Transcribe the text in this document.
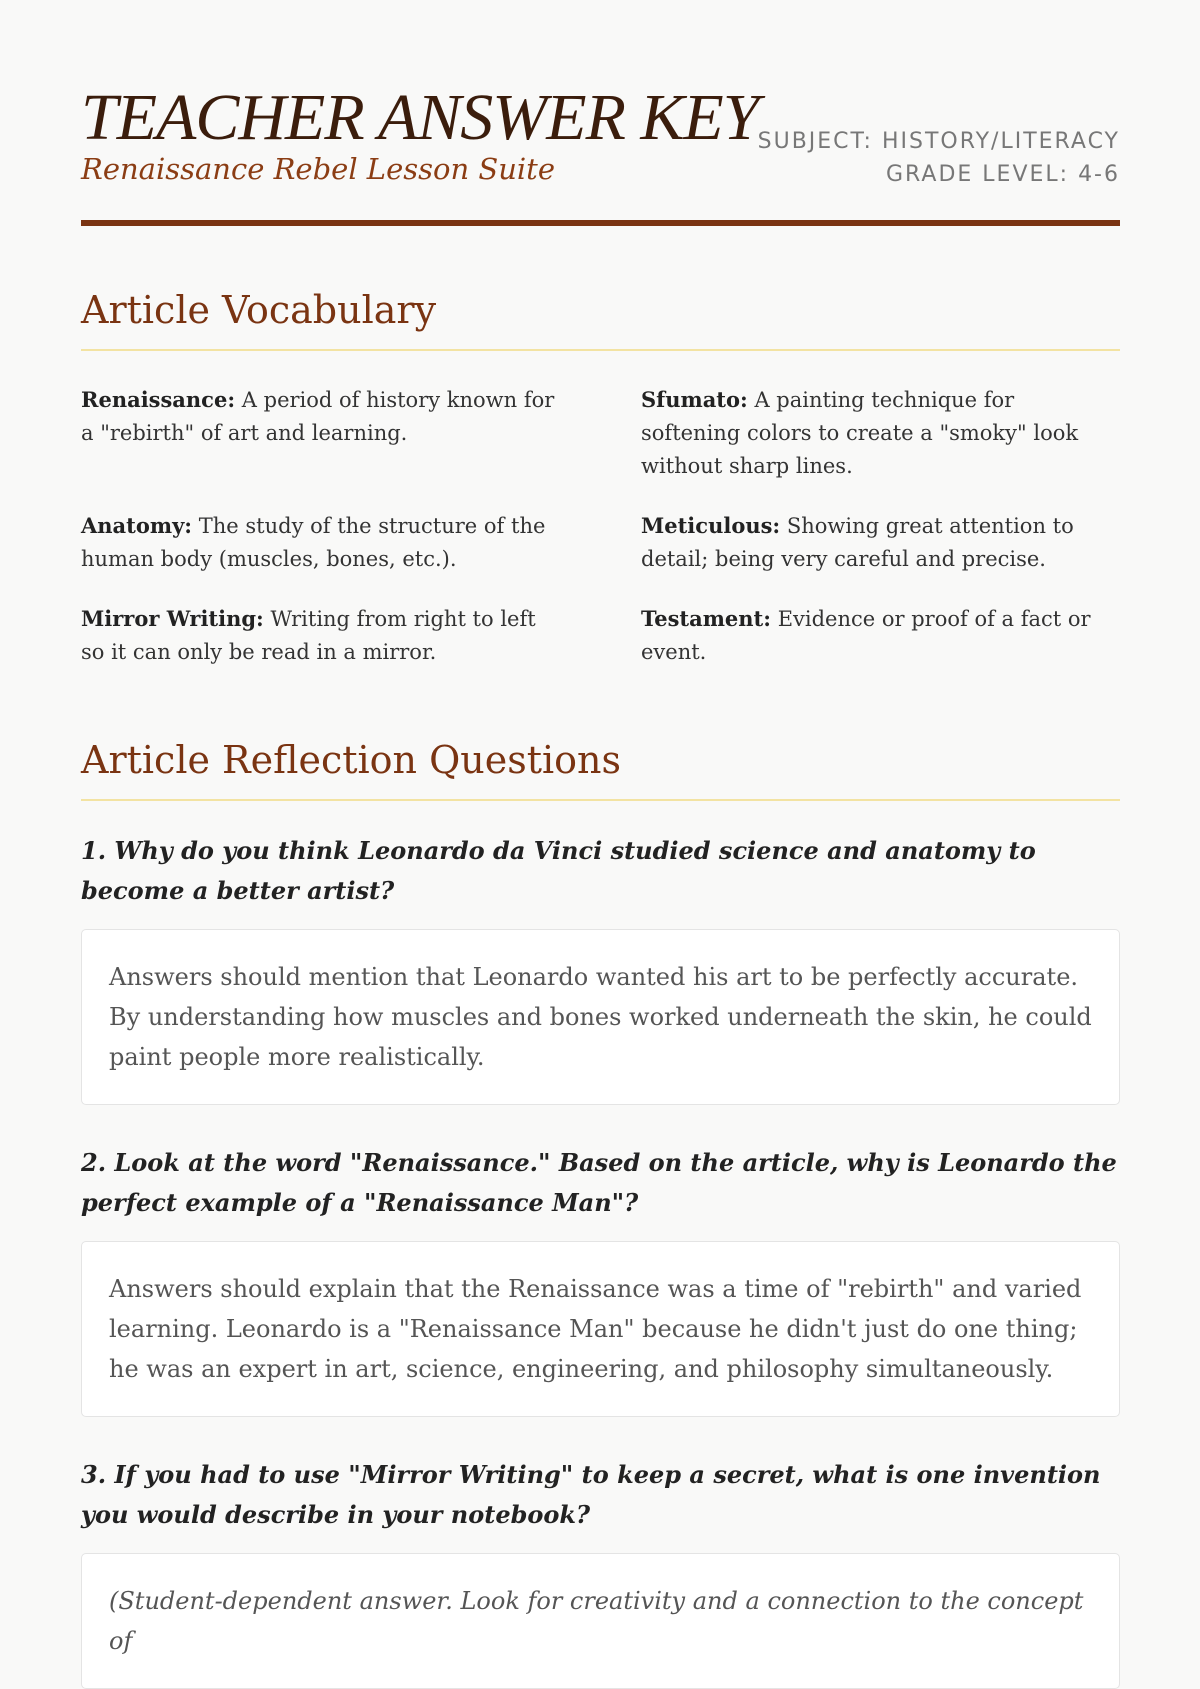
TEACHER ANSWER KEY
Renaissance Rebel Lesson Suite
SUBJECT: HISTORY/LITERACY
GRADE LEVEL: 4-6
Article Vocabulary
Renaissance: A period of history known for a "rebirth" of art and learning.
Sfumato: A painting technique for softening colors to create a "smoky" look without sharp lines.
Anatomy: The study of the structure of the human body (muscles, bones, etc.).
Meticulous: Showing great attention to detail; being very careful and precise.
Mirror Writing: Writing from right to left so it can only be read in a mirror.
Testament: Evidence or proof of a fact or event.
Article Reflection Questions
1. Why do you think Leonardo da Vinci studied science and anatomy to become a better artist?
Answers should mention that Leonardo wanted his art to be perfectly accurate. By understanding how muscles and bones worked underneath the skin, he could paint people more realistically.
2. Look at the word "Renaissance." Based on the article, why is Leonardo the perfect example of a "Renaissance Man"?
Answers should explain that the Renaissance was a time of "rebirth" and varied learning. Leonardo is a "Renaissance Man" because he didn't just do one thing; he was an expert in art, science, engineering, and philosophy simultaneously.
3. If you had to use "Mirror Writing" to keep a secret, what is one invention you would describe in your notebook?
(Student-dependent answer. Look for creativity and a connection to the concept of
